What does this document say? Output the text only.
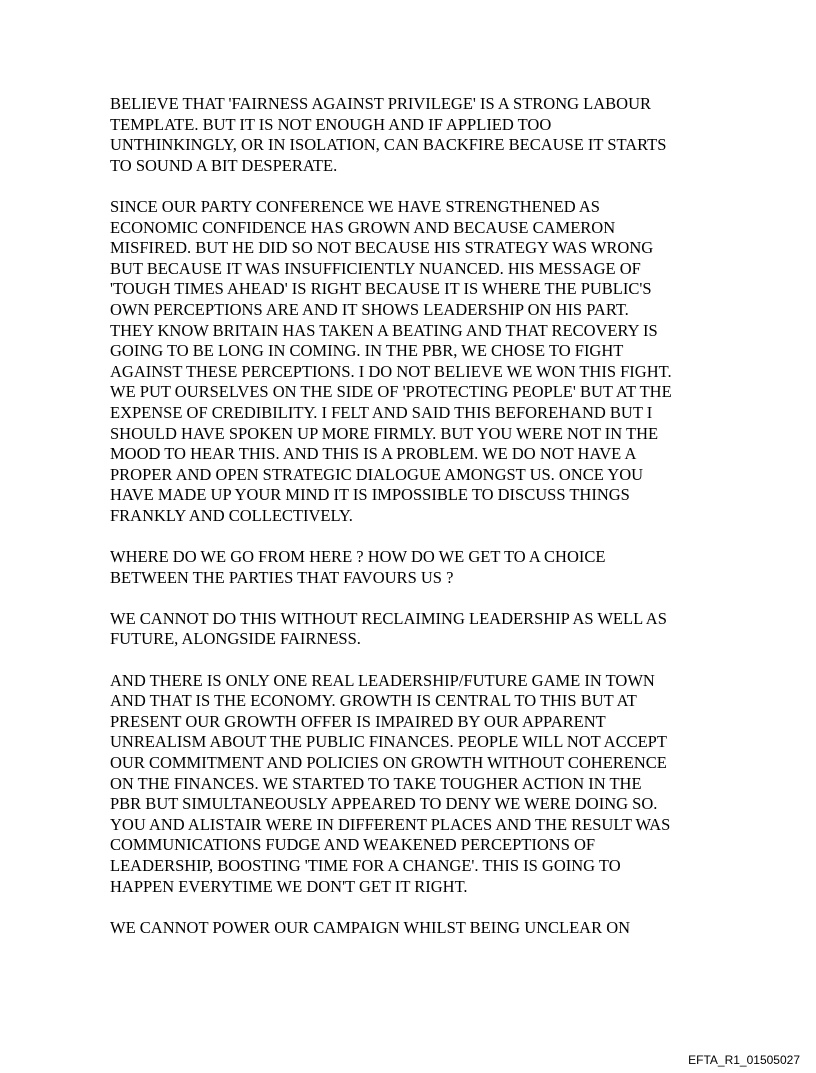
BELIEVE THAT 'FAIRNESS AGAINST PRIVILEGE' IS A STRONG LABOUR
TEMPLATE. BUT IT IS NOT ENOUGH AND IF APPLIED TOO
UNTHINKINGLY, OR IN ISOLATION, CAN BACKFIRE BECAUSE IT STARTS
TO SOUND A BIT DESPERATE.

SINCE OUR PARTY CONFERENCE WE HAVE STRENGTHENED AS
ECONOMIC CONFIDENCE HAS GROWN AND BECAUSE CAMERON
MISFIRED. BUT HE DID SO NOT BECAUSE HIS STRATEGY WAS WRONG
BUT BECAUSE IT WAS INSUFFICIENTLY NUANCED. HIS MESSAGE OF
'TOUGH TIMES AHEAD' IS RIGHT BECAUSE IT IS WHERE THE PUBLIC'S
OWN PERCEPTIONS ARE AND IT SHOWS LEADERSHIP ON HIS PART.
THEY KNOW BRITAIN HAS TAKEN A BEATING AND THAT RECOVERY IS
GOING TO BE LONG IN COMING. IN THE PBR, WE CHOSE TO FIGHT
AGAINST THESE PERCEPTIONS. I DO NOT BELIEVE WE WON THIS FIGHT.
WE PUT OURSELVES ON THE SIDE OF 'PROTECTING PEOPLE' BUT AT THE
EXPENSE OF CREDIBILITY. I FELT AND SAID THIS BEFOREHAND BUT I
SHOULD HAVE SPOKEN UP MORE FIRMLY. BUT YOU WERE NOT IN THE
MOOD TO HEAR THIS. AND THIS IS A PROBLEM. WE DO NOT HAVE A
PROPER AND OPEN STRATEGIC DIALOGUE AMONGST US. ONCE YOU
HAVE MADE UP YOUR MIND IT IS IMPOSSIBLE TO DISCUSS THINGS
FRANKLY AND COLLECTIVELY.

WHERE DO WE GO FROM HERE ? HOW DO WE GET TO A CHOICE
BETWEEN THE PARTIES THAT FAVOURS US ?

WE CANNOT DO THIS WITHOUT RECLAIMING LEADERSHIP AS WELL AS
FUTURE, ALONGSIDE FAIRNESS.

AND THERE IS ONLY ONE REAL LEADERSHIP/FUTURE GAME IN TOWN
AND THAT IS THE ECONOMY. GROWTH IS CENTRAL TO THIS BUT AT
PRESENT OUR GROWTH OFFER IS IMPAIRED BY OUR APPARENT
UNREALISM ABOUT THE PUBLIC FINANCES. PEOPLE WILL NOT ACCEPT
OUR COMMITMENT AND POLICIES ON GROWTH WITHOUT COHERENCE
ON THE FINANCES. WE STARTED TO TAKE TOUGHER ACTION IN THE
PBR BUT SIMULTANEOUSLY APPEARED TO DENY WE WERE DOING SO.
YOU AND ALISTAIR WERE IN DIFFERENT PLACES AND THE RESULT WAS
COMMUNICATIONS FUDGE AND WEAKENED PERCEPTIONS OF
LEADERSHIP, BOOSTING 'TIME FOR A CHANGE'. THIS IS GOING TO
HAPPEN EVERYTIME WE DON'T GET IT RIGHT.

WE CANNOT POWER OUR CAMPAIGN WHILST BEING UNCLEAR ON

EFTA_R1_01505027
